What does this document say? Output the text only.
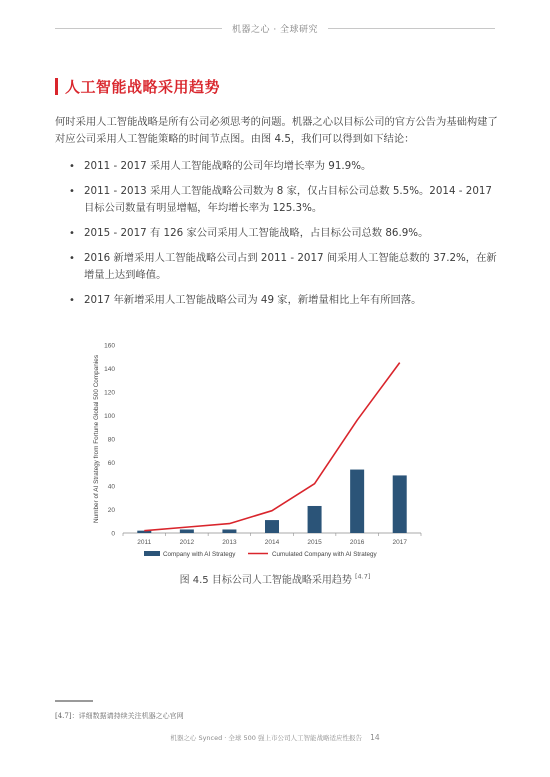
机器之心 · 全球研究
人工智能战略采用趋势

何时采用人工智能战略是所有公司必须思考的问题。机器之心以目标公司的官方公告为基础构建了对应公司采用人工智能策略的时间节点图。由图 4.5，我们可以得到如下结论：

• 2011 - 2017 采用人工智能战略的公司年均增长率为 91.9%。
• 2011 - 2013 采用人工智能战略公司数为 8 家，仅占目标公司总数 5.5%。2014 - 2017 目标公司数量有明显增幅，年均增长率为 125.3%。
• 2015 - 2017 有 126 家公司采用人工智能战略，占目标公司总数 86.9%。
• 2016 新增采用人工智能战略公司占到 2011 - 2017 间采用人工智能总数的 37.2%，在新增量上达到峰值。
• 2017 年新增采用人工智能战略公司为 49 家，新增量相比上年有所回落。
0
20
40
60
80
100
120
140
160
Number of AI Strategy from Fortune Global 500 Companies
2011	2012	2013	2014	2015	2016	2017
Company with AI Strategy	Cumulated Company with AI Strategy
图 4.5 目标公司人工智能战略采用趋势 [4.7]
[4.7]：详细数据请持续关注机器之心官网
机器之心 Synced · 全球 500 强上市公司人工智能战略适应性报告 14
